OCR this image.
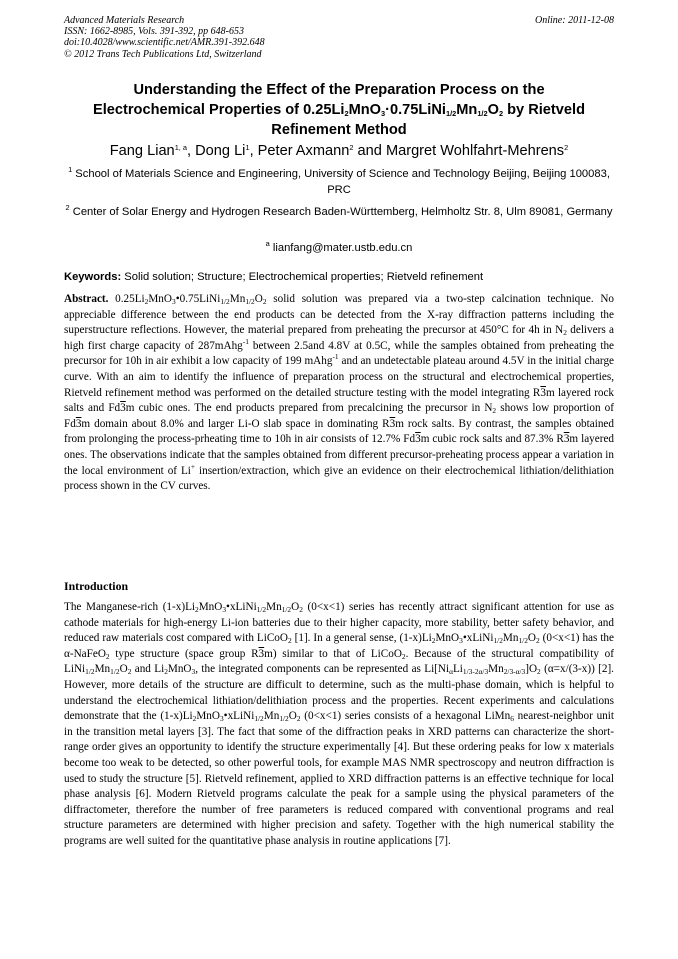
Advanced Materials Research
ISSN: 1662-8985, Vols. 391-392, pp 648-653
doi:10.4028/www.scientific.net/AMR.391-392.648
© 2012 Trans Tech Publications Ltd, Switzerland
Online: 2011-12-08
Understanding the Effect of the Preparation Process on the
Electrochemical Properties of $0.25Li_2MnO_3\cdot 0.75LiNi_{1/2}Mn_{1/2}O_2$ by Rietveld
Refinement Method
Fang Lian$^{1, a}$, Dong Li$^1$, Peter Axmann$^2$ and Margret Wohlfahrt-Mehrens$^2$
$^1$ School of Materials Science and Engineering, University of Science and Technology Beijing, Beijing 100083, PRC
$^2$ Center of Solar Energy and Hydrogen Research Baden-Württemberg, Helmholtz Str. 8, Ulm 89081, Germany
$^a$ lianfang@mater.ustb.edu.cn
Keywords: Solid solution; Structure; Electrochemical properties; Rietveld refinement
Abstract. $0.25Li_2MnO_3•0.75LiNi_{1/2}Mn_{1/2}O_2$ solid solution was prepared via a two-step calcination technique. No appreciable difference between the end products can be detected from the X-ray diffraction patterns including the superstructure reflections. However, the material prepared from preheating the precursor at 450°C for 4h in $N_2$ delivers a high first charge capacity of 287mAhg$^{-1}$ between 2.5and 4.8V at 0.5C, while the samples obtained from preheating the precursor for 10h in air exhibit a low capacity of 199 mAhg$^{-1}$ and an undetectable plateau around 4.5V in the initial charge curve. With an aim to identify the influence of preparation process on the structural and electrochemical properties, Rietveld refinement method was performed on the detailed structure testing with the model integrating R3m layered rock salts and Fd3m cubic ones. The end products prepared from precalcining the precursor in $N_2$ shows low proportion of Fd3m domain about 8.0% and larger Li-O slab space in dominating R3m rock salts. By contrast, the samples obtained from prolonging the process-prheating time to 10h in air consists of 12.7% Fd3m cubic rock salts and 87.3% R3m layered ones. The observations indicate that the samples obtained from different precursor-preheating process appear a variation in the local environment of Li+ insertion/extraction, which give an evidence on their electrochemical lithiation/delithiation process shown in the CV curves.
Introduction
The Manganese-rich $(1-x)Li_2MnO_3•xLiNi_{1/2}Mn_{1/2}O_2$ (0<x<1) series has recently attract significant attention for use as cathode materials for high-energy Li-ion batteries due to their higher capacity, more stability, better safety behavior, and reduced raw materials cost compared with LiCoO$_2$ [1]. In a general sense, $(1-x)Li_2MnO_3•xLiNi_{1/2}Mn_{1/2}O_2$ (0<x<1) has the α-NaFeO$_2$ type structure (space group R3m) similar to that of LiCoO$_2$. Because of the structural compatibility of $LiNi_{1/2}Mn_{1/2}O_2$ and $Li_2MnO_3$, the integrated components can be represented as $Li[Ni_\alpha Li_{1/3-2\alpha/3}Mn_{2/3-\alpha/3}]O_2$ (α=x/(3-x)) [2]. However, more details of the structure are difficult to determine, such as the multi-phase domain, which is helpful to understand the electrochemical lithiation/delithiation process and the properties. Recent experiments and calculations demonstrate that the $(1-x)Li_2MnO_3•xLiNi_{1/2}Mn_{1/2}O_2$ (0<x<1) series consists of a hexagonal LiMn$_6$ nearest-neighbor unit in the transition metal layers [3]. The fact that some of the diffraction peaks in XRD patterns can characterize the short-range order gives an opportunity to identify the structure experimentally [4]. But these ordering peaks for low x materials become too weak to be detected, so other powerful tools, for example MAS NMR spectroscopy and neutron diffraction is used to study the structure [5]. Rietveld refinement, applied to XRD diffraction patterns is an effective technique for local phase analysis [6]. Modern Rietveld programs calculate the peak for a sample using the physical parameters of the diffractometer, therefore the number of free parameters is reduced compared with conventional programs and real structure parameters are determined with higher precision and safety. Together with the high numerical stability the programs are well suited for the quantitative phase analysis in routine applications [7].
